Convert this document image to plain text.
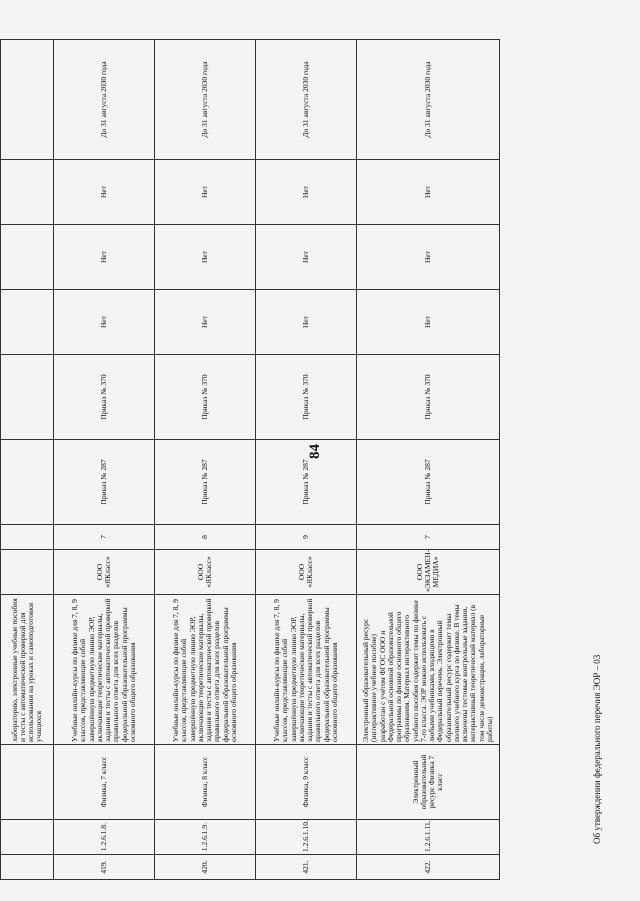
84
			лабораторию, электронные учебные пособия и тесты с автоматической проверкой для использования на уроках и самоподготовки учащихся								
419.	1.2.6.1.8.	Физика, 7 класс	Учебные онлайн-курсы по физике для 7, 8, 9 классов, представляющие собой завершённую предметную линию ЭОР, включающие теоретические материалы, задания и тесты с автоматической проверкой правильного ответа для всех разделов федеральной образовательной программы основного общего образования	ООО «ЯКласс»	7	Приказ № 287	Приказ № 370	Нет	Нет	Нет	До 31 августа 2030 года
420.	1.2.6.1.9.	Физика, 8 класс	Учебные онлайн-курсы по физике для 7, 8, 9 классов, представляющие собой завершённую предметную линию ЭОР, включающие теоретические материалы, задания и тесты с автоматической проверкой правильного ответа для всех разделов федеральной образовательной программы основного общего образования	ООО «ЯКласс»	8	Приказ № 287	Приказ № 370	Нет	Нет	Нет	До 31 августа 2030 года
421.	1.2.6.1.10.	Физика, 9 класс	Учебные онлайн-курсы по физике для 7, 8, 9 классов, представляющие собой завершённую предметную линию ЭОР, включающие теоретические материалы, задания и тесты с автоматической проверкой правильного ответа для всех разделов федеральной образовательной программы основного общего образования	ООО «ЯКласс»	9	Приказ № 287	Приказ № 370	Нет	Нет	Нет	До 31 августа 2030 года
422.	1.2.6.1.11.	Электронный образовательный ресурс Физика 7 класс	Электронный образовательный ресурс (интерактивное учебное пособие) разработан с учётом ФГОС ООО и Федеральной основной образовательной программы по физике основного общего образования. Материал интерактивного учебного пособия содержит темы по физике 7-го класса. ЭОР можно использовать с любыми учебниками, входящими в Федеральный перечень. Электронный образовательный ресурс содержит темы полного учебного курса по физике. В темы включены тестовые контрольные задания, интерактивный теоретический материал (в том числе демонстрации, лабораторные работы)	ООО «ЭКЗАМЕН-МЕДИА»	7	Приказ № 287	Приказ № 370	Нет	Нет	Нет	До 31 августа 2030 года
Об утверждении федерального перечня ЭОР – 03
